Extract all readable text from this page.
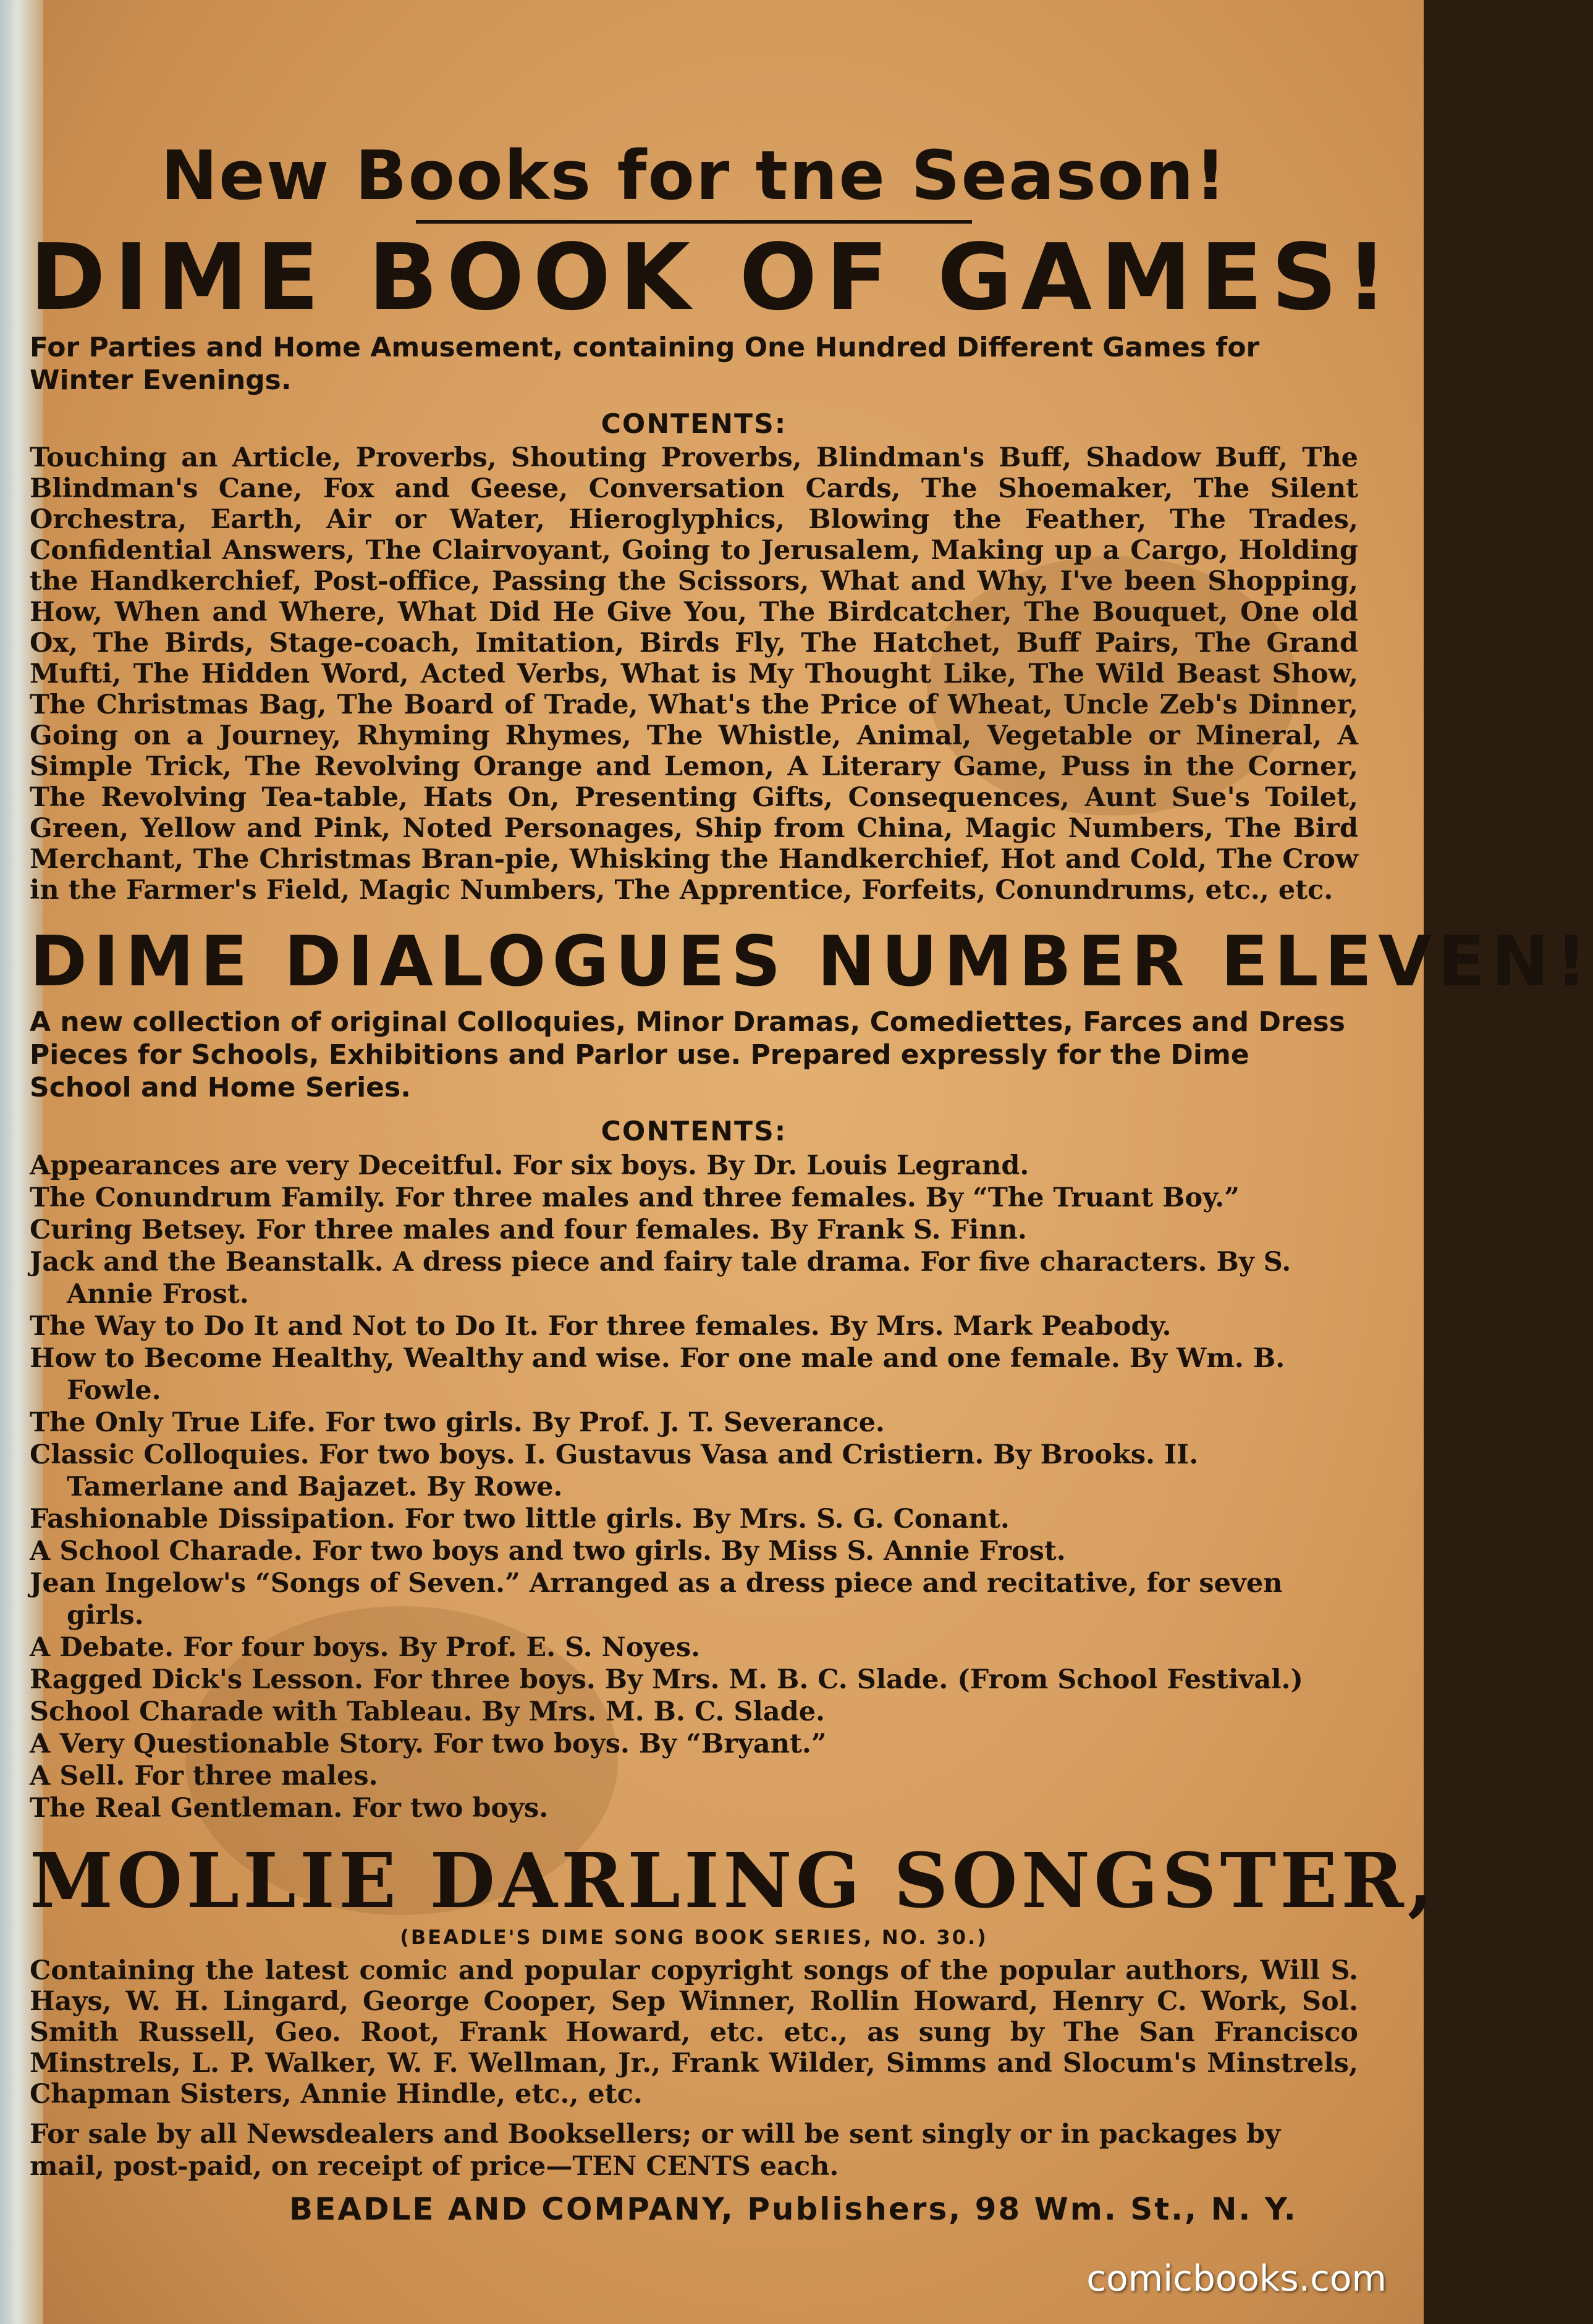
New Books for tne Season!
DIME BOOK OF GAMES!
For Parties and Home Amusement, containing One Hundred Different Games for Winter Evenings.
CONTENTS:

Touching an Article, Proverbs, Shouting Proverbs, Blindman's Buff, Shadow Buff, The Blindman's Cane, Fox and Geese, Conversation Cards, The Shoemaker, The Silent Orchestra, Earth, Air or Water, Hieroglyphics, Blowing the Feather, The Trades, Confidential Answers, The Clairvoyant, Going to Jerusalem, Making up a Cargo, Holding the Handkerchief, Post-office, Passing the Scissors, What and Why, I've been Shopping, How, When and Where, What Did He Give You, The Birdcatcher, The Bouquet, One old Ox, The Birds, Stage-coach, Imitation, Birds Fly, The Hatchet, Buff Pairs, The Grand Mufti, The Hidden Word, Acted Verbs, What is My Thought Like, The Wild Beast Show, The Christmas Bag, The Board of Trade, What's the Price of Wheat, Uncle Zeb's Dinner, Going on a Journey, Rhyming Rhymes, The Whistle, Animal, Vegetable or Mineral, A Simple Trick, The Revolving Orange and Lemon, A Literary Game, Puss in the Corner, The Revolving Tea-table, Hats On, Presenting Gifts, Consequences, Aunt Sue's Toilet, Green, Yellow and Pink, Noted Personages, Ship from China, Magic Numbers, The Bird Merchant, The Christmas Bran-pie, Whisking the Handkerchief, Hot and Cold, The Crow in the Farmer's Field, Magic Numbers, The Apprentice, Forfeits, Conundrums, etc., etc.

DIME DIALOGUES NUMBER ELEVEN!
A new collection of original Colloquies, Minor Dramas, Comediettes, Farces and Dress Pieces for Schools, Exhibitions and Parlor use. Prepared expressly for the Dime School and Home Series.
CONTENTS:
Appearances are very Deceitful. For six boys. By Dr. Louis Legrand.
The Conundrum Family. For three males and three females. By “The Truant Boy.”
Curing Betsey. For three males and four females. By Frank S. Finn.
Jack and the Beanstalk. A dress piece and fairy tale drama. For five characters. By S. Annie Frost.
The Way to Do It and Not to Do It. For three females. By Mrs. Mark Peabody.
How to Become Healthy, Wealthy and wise. For one male and one female. By Wm. B. Fowle.
The Only True Life. For two girls. By Prof. J. T. Severance.
Classic Colloquies. For two boys. I. Gustavus Vasa and Cristiern. By Brooks. II. Tamerlane and Bajazet. By Rowe.
Fashionable Dissipation. For two little girls. By Mrs. S. G. Conant.
A School Charade. For two boys and two girls. By Miss S. Annie Frost.
Jean Ingelow's “Songs of Seven.” Arranged as a dress piece and recitative, for seven girls.
A Debate. For four boys. By Prof. E. S. Noyes.
Ragged Dick's Lesson. For three boys. By Mrs. M. B. C. Slade. (From School Festival.)
School Charade with Tableau. By Mrs. M. B. C. Slade.
A Very Questionable Story. For two boys. By “Bryant.”
A Sell. For three males.
The Real Gentleman. For two boys.
MOLLIE DARLING SONGSTER,
(BEADLE'S DIME SONG BOOK SERIES, NO. 30.)

Containing the latest comic and popular copyright songs of the popular authors, Will S. Hays, W. H. Lingard, George Cooper, Sep Winner, Rollin Howard, Henry C. Work, Sol. Smith Russell, Geo. Root, Frank Howard, etc. etc., as sung by The San Francisco Minstrels, L. P. Walker, W. F. Wellman, Jr., Frank Wilder, Simms and Slocum's Minstrels, Chapman Sisters, Annie Hindle, etc., etc.

For sale by all Newsdealers and Booksellers; or will be sent singly or in packages by mail, post-paid, on receipt of price—TEN CENTS each.

BEADLE AND COMPANY, Publishers, 98 Wm. St., N. Y.
comicbooks.com
